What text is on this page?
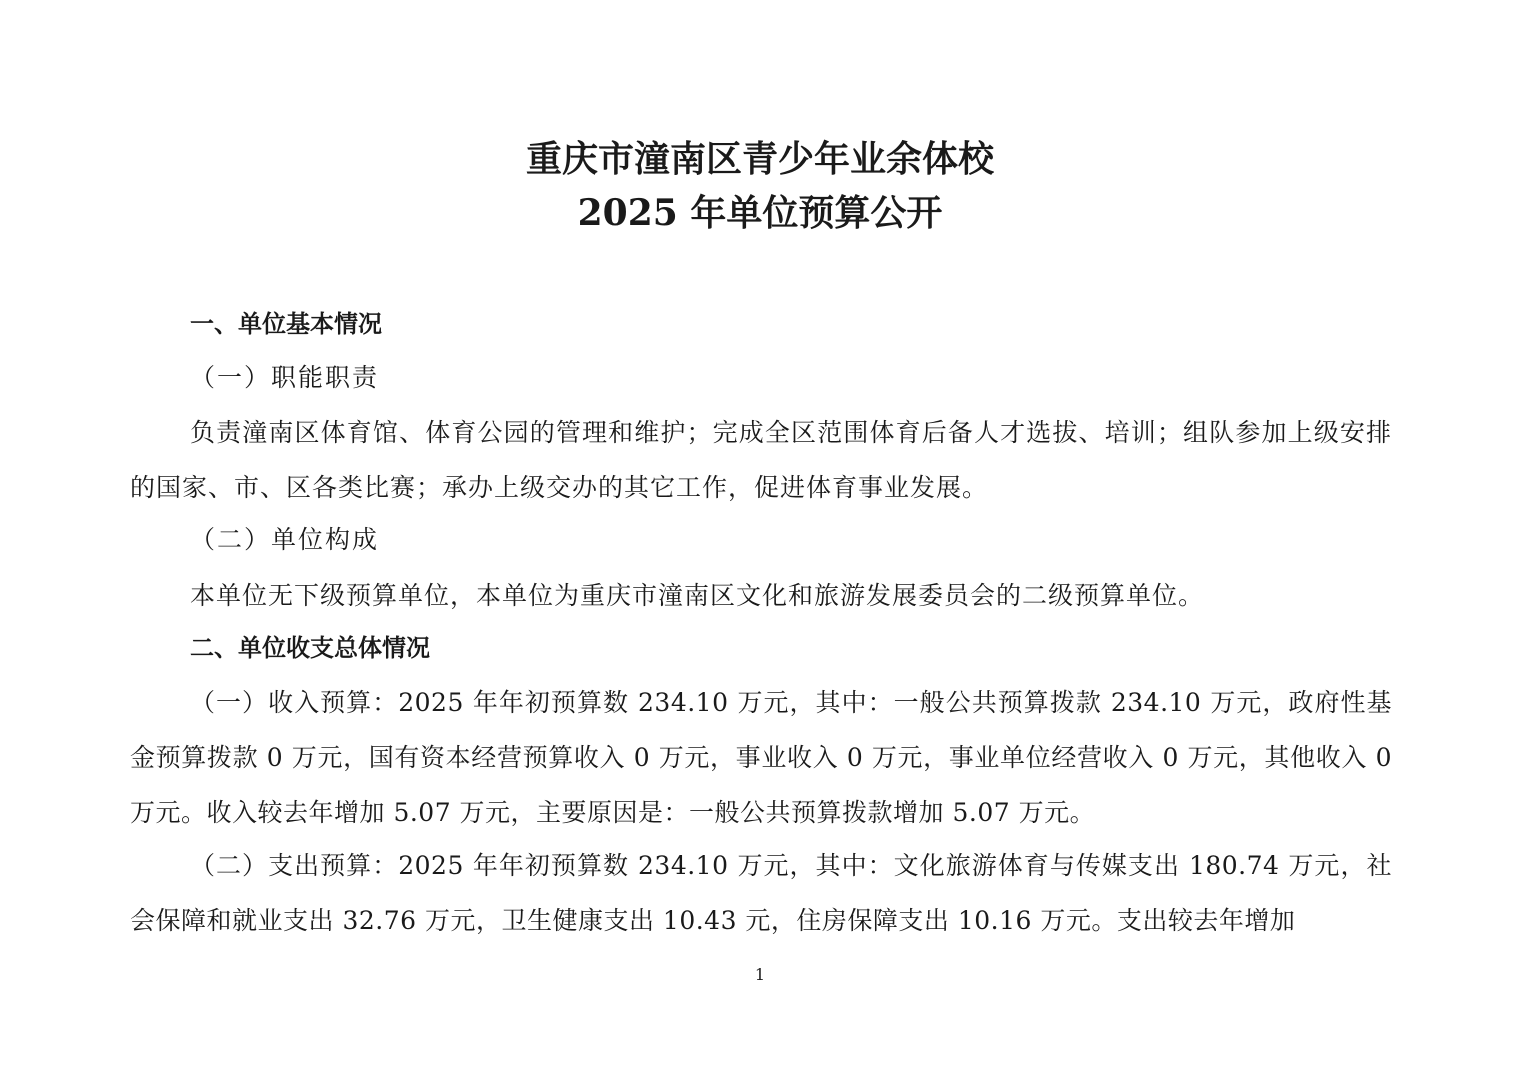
重庆市潼南区青少年业余体校
2025 年单位预算公开
一、单位基本情况

（一）职能职责

负责潼南区体育馆、体育公园的管理和维护；完成全区范围体育后备人才选拔、培训；组队参加上级安排的国家、市、区各类比赛；承办上级交办的其它工作，促进体育事业发展。

（二）单位构成

本单位无下级预算单位，本单位为重庆市潼南区文化和旅游发展委员会的二级预算单位。

二、单位收支总体情况

（一）收入预算：2025 年年初预算数 234.10 万元，其中：一般公共预算拨款 234.10 万元，政府性基金预算拨款 0 万元，国有资本经营预算收入 0 万元，事业收入 0 万元，事业单位经营收入 0 万元，其他收入 0 万元。收入较去年增加 5.07 万元，主要原因是：一般公共预算拨款增加 5.07 万元。

（二）支出预算：2025 年年初预算数 234.10 万元，其中：文化旅游体育与传媒支出 180.74 万元，社会保障和就业支出 32.76 万元，卫生健康支出 10.43 元，住房保障支出 10.16 万元。支出较去年增加

1
